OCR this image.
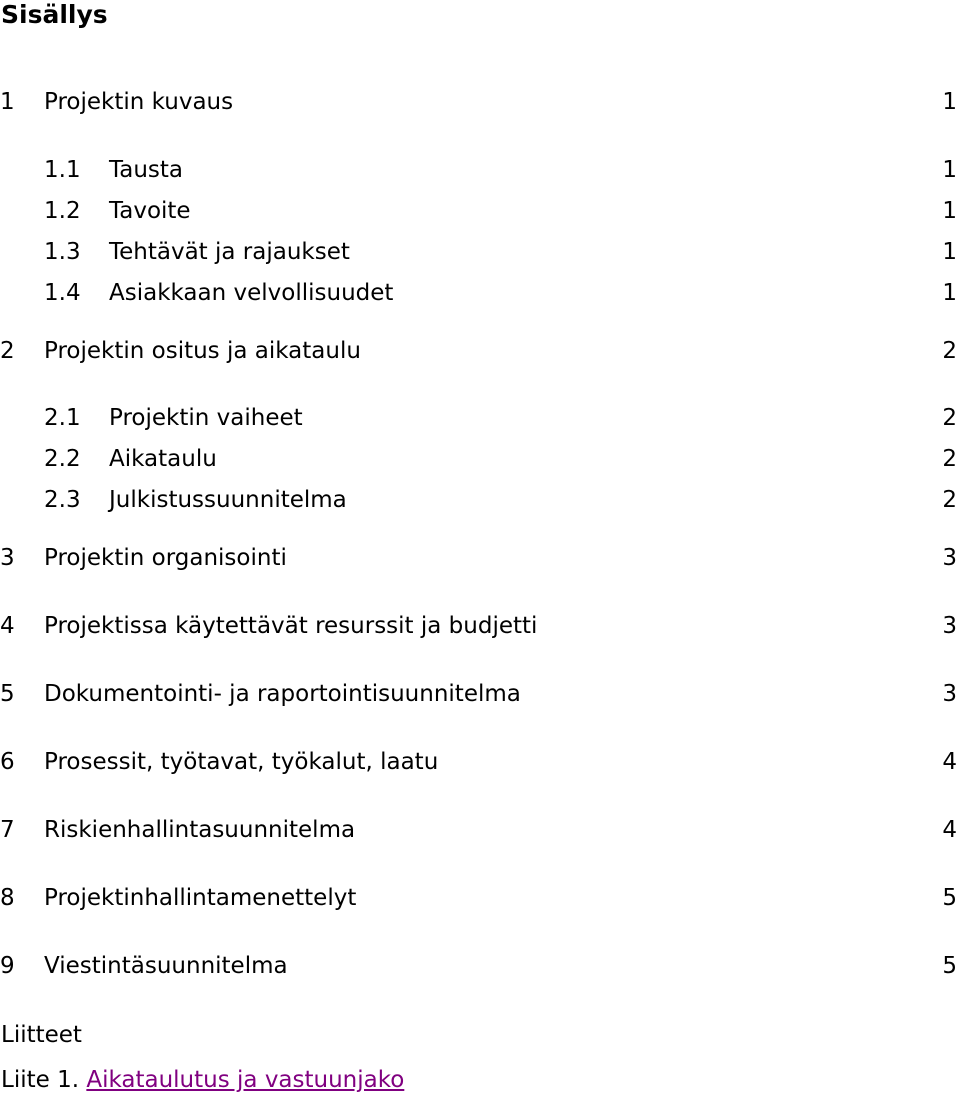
Sisällys
1 Projektin kuvaus	1
1.1 Tausta	1
1.2 Tavoite	1
1.3 Tehtävät ja rajaukset	1
1.4 Asiakkaan velvollisuudet	1
2 Projektin ositus ja aikataulu	2
2.1 Projektin vaiheet	2
2.2 Aikataulu	2
2.3 Julkistussuunnitelma	2
3 Projektin organisointi	3
4 Projektissa käytettävät resurssit ja budjetti	3
5 Dokumentointi- ja raportointisuunnitelma	3
6 Prosessit, työtavat, työkalut, laatu	4
7 Riskienhallintasuunnitelma	4
8 Projektinhallintamenettelyt	5
9 Viestintäsuunnitelma	5
Liitteet
Liite 1. Aikataulutus ja vastuunjako
